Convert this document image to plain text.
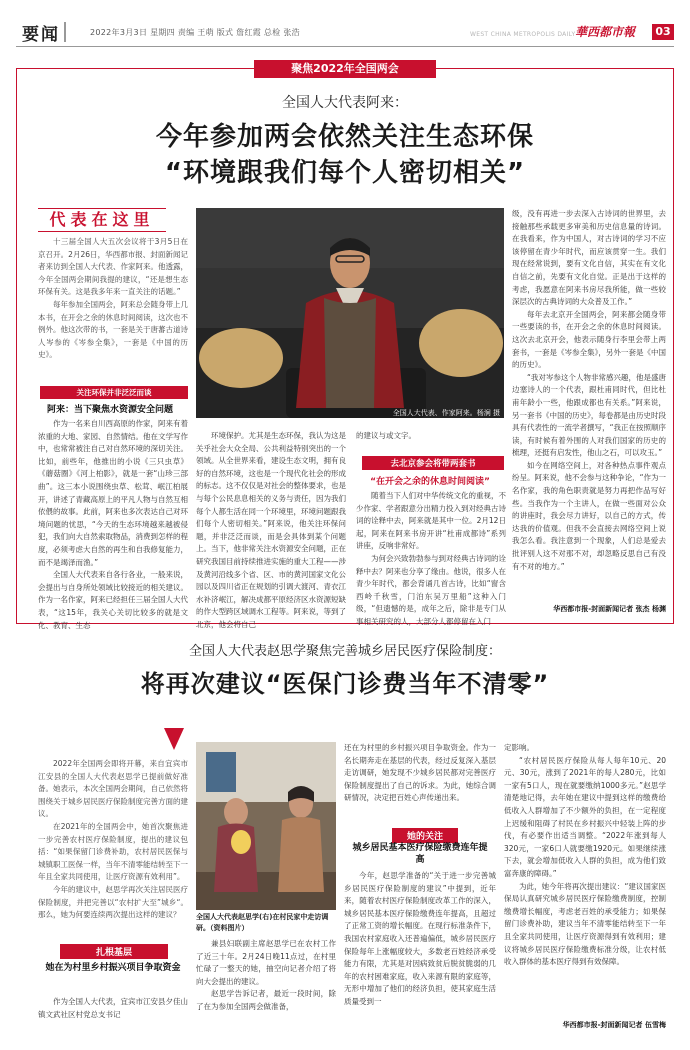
要闻	2022年3月3日 星期四 责编 王萌 版式 詹红霞 总检 张浩	WEST CHINA METROPOLIS DAILY 華西都市報	03
聚焦2022年全国两会
全国人大代表阿来：
今年参加两会依然关注生态环保
“环境跟我们每个人密切相关”
代表在这里

十三届全国人大五次会议将于3月5日在京召开。2月26日，华西都市报、封面新闻记者来访到全国人大代表、作家阿来。他透露，今年全国两会期间我提的建议，“还是想生态环保有关。这是我多年来一直关注的话题。”

每年参加全国两会，阿来总会随身带上几本书，在开会之余的休息时间阅读，这次也不例外。他这次带的书，一套是关于唐蕃古道诗人岑参的《岑参全集》，一套是《中国的历史》。

关注环保并非泛泛而谈
阿来：当下聚焦水资源安全问题

作为一名来自川西高原的作家，阿来有着浓重的大地、家园、自然情结。他在文学写作中，也常常被注自己对自然环境的深切关注。比如，前些年，他推出的小说《三只虫草》《蘑菇圈》《河上柏影》，就是一套“山珍三部曲”。这三本小说围绕虫草、松茸、岷江柏展开，讲述了青藏高原上的平凡人物与自然互相依偎的故事。此前，阿来也多次表达自己对环境问题的忧思，“今天的生态环境越来越被侵犯，我们向大自然索取物品，消费到怎样的程度，必须考虑大自然的再生和自我修复能力，而不是竭泽而渔。”

全国人大代表来自各行各业，一般来说，会提出与自身所处领域比较接近的相关建议。作为一名作家，阿来已经担任三届全国人大代表，“这15年，我关心关切比较多的就是文化、教育、生态

全国人大代表、作家阿来。杨涧 摄

环境保护。尤其是生态环保，我认为这是关乎社会大众全局、公共利益特别突出的一个领域。从全世界来看，建设生态文明，拥有良好的自然环境，这也是一个现代化社会的形成的标志。这不仅仅是对社会的整体要求，也是与每个公民息息相关的义务与责任，因为我们每个人都生活在同一个环境里，环境问题跟我们每个人密切相关。”阿来说，他关注环保问题，并非泛泛而谈，而是会具体到某个问题上。当下，他非常关注水资源安全问题，正在研究我国目前持续推进实施的重大工程——涉及黄河沿线多个省、区、市的黄河国家文化公园以及四川省正在规划的引调大渡河、青衣江水补济岷江，解决成都平原经济区水资源短缺的作大型跨区域调水工程等。阿来说，等到了北京，他会将自己

的建议与或文字。

去北京参会将带两套书
“在开会之余的休息时间阅读”

随着当下人们对中华传统文化的重视，不少作家、学者跟意分出精力投入到对经典古诗词的诠释中去，阿来就是其中一位。2月12日起，阿来在阿来书房开讲“杜甫成都诗”系列讲座，反响非常好。

为何会兴致勃勃参与到对经典古诗词的诠释中去？阿来也分享了缘由。他说，很多人在青少年时代，都会背诵几首古诗，比如“窗含西岭千秋雪，门泊东吴万里船”这种入门级，“但遗憾的是，成年之后，除非是专门从事相关研究的人，大部分人都停留在入门

级，没有再进一步去深入古诗词的世界里，去接触那些承载更多审美和历史信息量的诗词。在我看来，作为中国人，对古诗词的学习不应该停留在青少年时代，而应该贯穿一生。我们现在经常说到，要有文化自信，其实在有文化自信之前，先要有文化自觉。正是出于这样的考虑，我愿意在阿来书房尽我所能，做一些较深层次的古典诗词的大众普及工作。”

每年去北京开全国两会，阿来都会随身带一些要读的书，在开会之余的休息时间阅读。这次去北京开会，他表示随身行李里会带上两套书，一套是《岑参全集》，另外一套是《中国的历史》。

“我对岑参这个人物非常感兴趣，他是盛唐边塞诗人的一个代表，跟杜甫同时代，但比杜甫年龄小一些，他跟成都也有关系。”阿来说，另一套书《中国的历史》，每卷都是由历史时段具有代表性的一流学者撰写，“我正在按照顺序读，有时候有着外围的人对我们国家的历史的梳理，还挺有启发性，他山之石，可以攻玉。”

如今在网络空间上，对各种热点事件观点纷呈。阿来说，他不会参与这种争论，“作为一名作家，我的角色职责就是努力再把作品写好些。当我作为一个主讲人，在做一些面对公众的讲座时，我会尽力讲好，以自己的方式，传达我的价值观。但我不会直接去网络空间上说我怎么看。我注意到一个现象，人们总是爱去批评别人这不对那不对，却忽略反思自己有没有不对的地方。”

华西都市报-封面新闻记者 张杰 杨渊
全国人大代表赵思学聚焦完善城乡居民医疗保险制度：
将再次建议“医保门诊费当年不清零”

2022年全国两会即将开幕，来自宜宾市江安县的全国人大代表赵思学已提前做好准备。她表示，本次全国两会期间，自己依然将围绕关于城乡居民医疗保险制度完善方面的建议。

在2021年的全国两会中，她首次聚焦进一步完善农村医疗保险制度，提出的建议包括：“如果保留门诊费补助，农村居民医保与城镇职工医保一样，当年不清零能结转至下一年且全家共同使用，让医疗资源有效利用”。

今年的建议中，赵思学再次关注居民医疗保险制度，并把完善以“农村扩大至”城乡“。那么，她为何要连续两次提出这样的建议？

扎根基层
她在为村里乡村振兴项目争取资金

作为全国人大代表，宜宾市江安县夕佳山镇文武社区村党总支书记

全国人大代表赵思学(右)在村民家中走访调研。（资料图片）

兼县妇联副主席赵思学已在农村工作了近三十年。2月24日晚11点过，在村里忙碌了一整天的她，抽空向记者介绍了将向大会提出的建议。

赵思学告诉记者，最近一段时间，除了在为参加全国两会做准备，

还在为村里的乡村振兴项目争取资金。作为一名长期奔走在基层的代表，经过反复深入基层走访调研，她发现不少城乡居民都对完善医疗保险制度提出了自己的诉求。为此，她综合调研情况，决定把百姓心声传递出来。

她的关注
城乡居民基本医疗保险缴费连年提高

今年，赵思学准备的“关于进一步完善城乡居民医疗保险制度的建议”中提到，近年来，随着农村医疗保险制度改革工作的深入，城乡居民基本医疗保险缴费连年提高，且超过了正常工资的增长幅度。在现行标准条件下，我国农村家庭收入还普遍偏低，城乡居民医疗保险每年上涨幅度较大，多数老百姓经济承受能力有限，尤其是对因病致贫后脱贫脆弱的几年的农村困难家庭，收入来源有限的家庭等，无形中增加了他们的经济负担，使其家庭生活质量受到一

定影响。

“农村居民医疗保险从每人每年10元、20元、30元，涨到了2021年的每人280元，比如一家有5口人，现在就要缴纳1000多元。”赵思学清楚地记得，去年她在建议中提到这样的缴费给低收入人群增加了不少额外的负担，在一定程度上迟缓和阻碍了村民在乡村振兴中轻装上阵的步伐，有必要作出适当调整。“2022年涨到每人320元，一家6口人就要缴1920元。如果继续涨下去，就会增加低收入人群的负担，成为他们致富奔康的障碍。”

为此，她今年将再次提出建议：“建议国家医保局认真研究城乡居民医疗保险缴费制度，控制缴费增长幅度，考虑老百姓的承受能力；如果保留门诊费补助，建议当年不清零能结转至下一年且全家共同使用，让医疗资源得到有效利用；建议将城乡居民医疗保险缴费标准分级，让农村低收入群体的基本医疗得到有效保障。

华西都市报-封面新闻记者 伍雪梅
